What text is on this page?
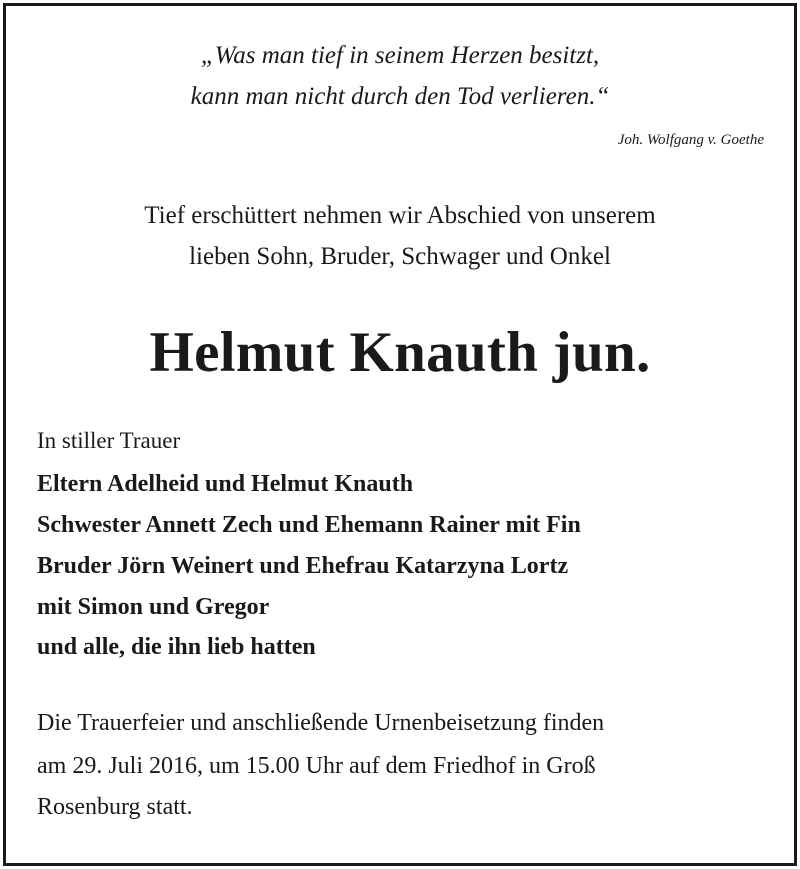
„Was man tief in seinem Herzen besitzt,
kann man nicht durch den Tod verlieren.“
Joh. Wolfgang v. Goethe
Tief erschüttert nehmen wir Abschied von unserem
lieben Sohn, Bruder, Schwager und Onkel
Helmut Knauth jun.
In stiller Trauer
Eltern Adelheid und Helmut Knauth
Schwester Annett Zech und Ehemann Rainer mit Fin
Bruder Jörn Weinert und Ehefrau Katarzyna Lortz
mit Simon und Gregor
und alle, die ihn lieb hatten
Die Trauerfeier und anschließende Urnenbeisetzung finden
am 29. Juli 2016, um 15.00 Uhr auf dem Friedhof in Groß
Rosenburg statt.
